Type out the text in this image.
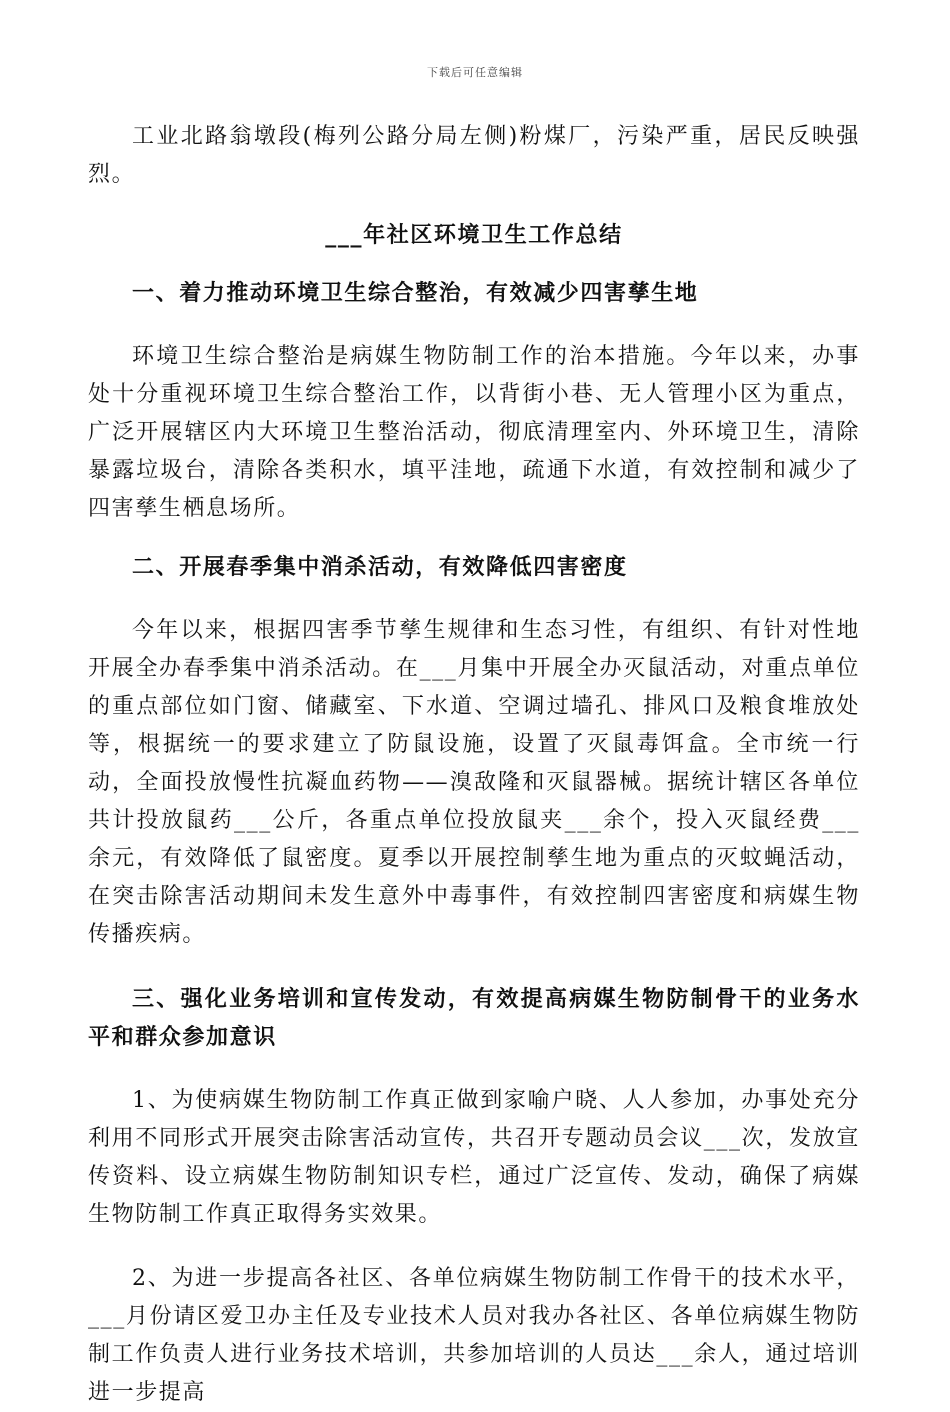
下载后可任意编辑

工业北路翁墩段(梅列公路分局左侧)粉煤厂，污染严重，居民反映强烈。

___年社区环境卫生工作总结

一、着力推动环境卫生综合整治，有效减少四害孳生地

环境卫生综合整治是病媒生物防制工作的治本措施。今年以来，办事处十分重视环境卫生综合整治工作，以背街小巷、无人管理小区为重点，广泛开展辖区内大环境卫生整治活动，彻底清理室内、外环境卫生，清除暴露垃圾台，清除各类积水，填平洼地，疏通下水道，有效控制和减少了四害孳生栖息场所。

二、开展春季集中消杀活动，有效降低四害密度

今年以来，根据四害季节孳生规律和生态习性，有组织、有针对性地开展全办春季集中消杀活动。在___月集中开展全办灭鼠活动，对重点单位的重点部位如门窗、储藏室、下水道、空调过墙孔、排风口及粮食堆放处等，根据统一的要求建立了防鼠设施，设置了灭鼠毒饵盒。全市统一行动，全面投放慢性抗凝血药物——溴敌隆和灭鼠器械。据统计辖区各单位共计投放鼠药___公斤，各重点单位投放鼠夹___余个，投入灭鼠经费___余元，有效降低了鼠密度。夏季以开展控制孳生地为重点的灭蚊蝇活动，在突击除害活动期间未发生意外中毒事件，有效控制四害密度和病媒生物传播疾病。

三、强化业务培训和宣传发动，有效提高病媒生物防制骨干的业务水平和群众参加意识

1、为使病媒生物防制工作真正做到家喻户晓、人人参加，办事处充分利用不同形式开展突击除害活动宣传，共召开专题动员会议___次，发放宣传资料、设立病媒生物防制知识专栏，通过广泛宣传、发动，确保了病媒生物防制工作真正取得务实效果。

2、为进一步提高各社区、各单位病媒生物防制工作骨干的技术水平，___月份请区爱卫办主任及专业技术人员对我办各社区、各单位病媒生物防制工作负责人进行业务技术培训，共参加培训的人员达___余人，通过培训进一步提高
